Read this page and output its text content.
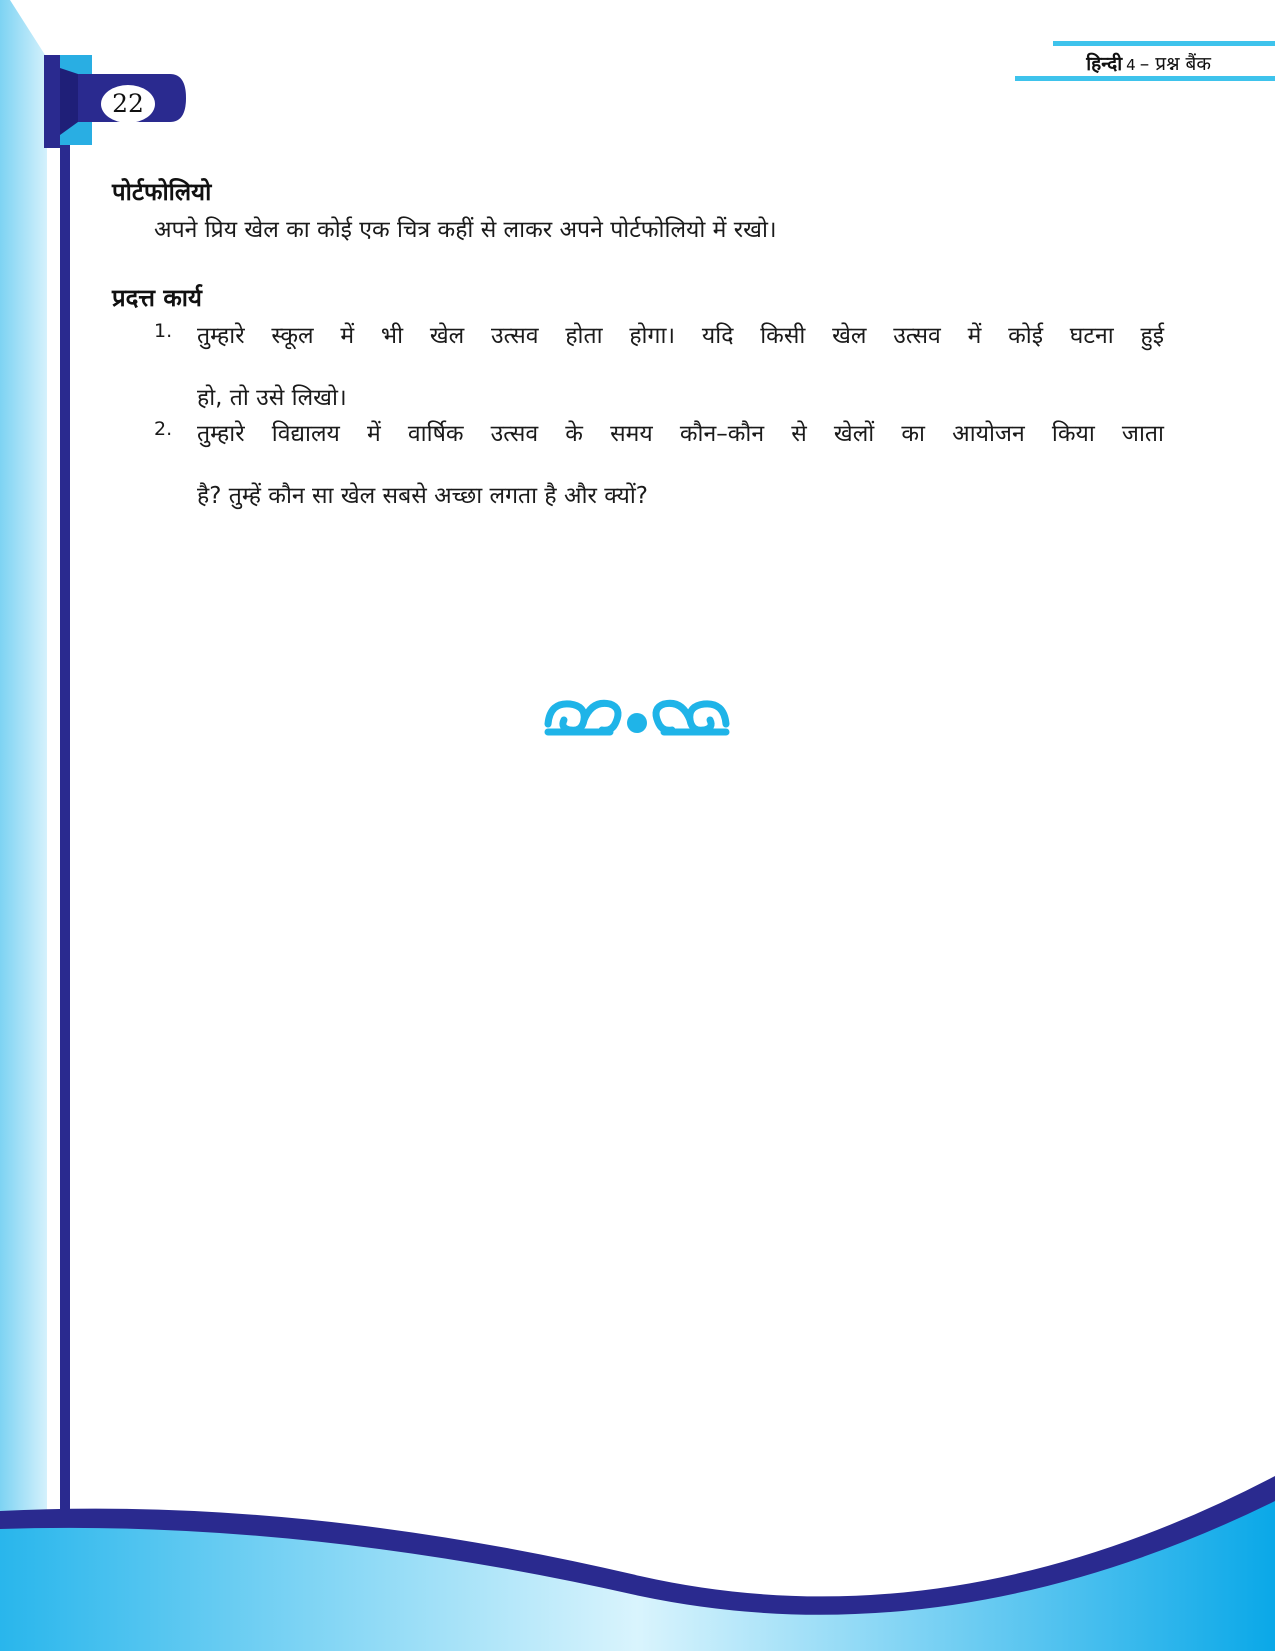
हिन्दी 4 – प्रश्न बैंक
22
पोर्टफोलियो

अपने प्रिय खेल का कोई एक चित्र कहीं से लाकर अपने पोर्टफोलियो में रखो।

प्रदत्त कार्य
1. तुम्हारे स्कूल में भी खेल उत्सव होता होगा। यदि किसी खेल उत्सव में कोई घटना हुई
हो, तो उसे लिखो।
2. तुम्हारे विद्यालय में वार्षिक उत्सव के समय कौन–कौन से खेलों का आयोजन किया जाता
है? तुम्हें कौन सा खेल सबसे अच्छा लगता है और क्यों?
